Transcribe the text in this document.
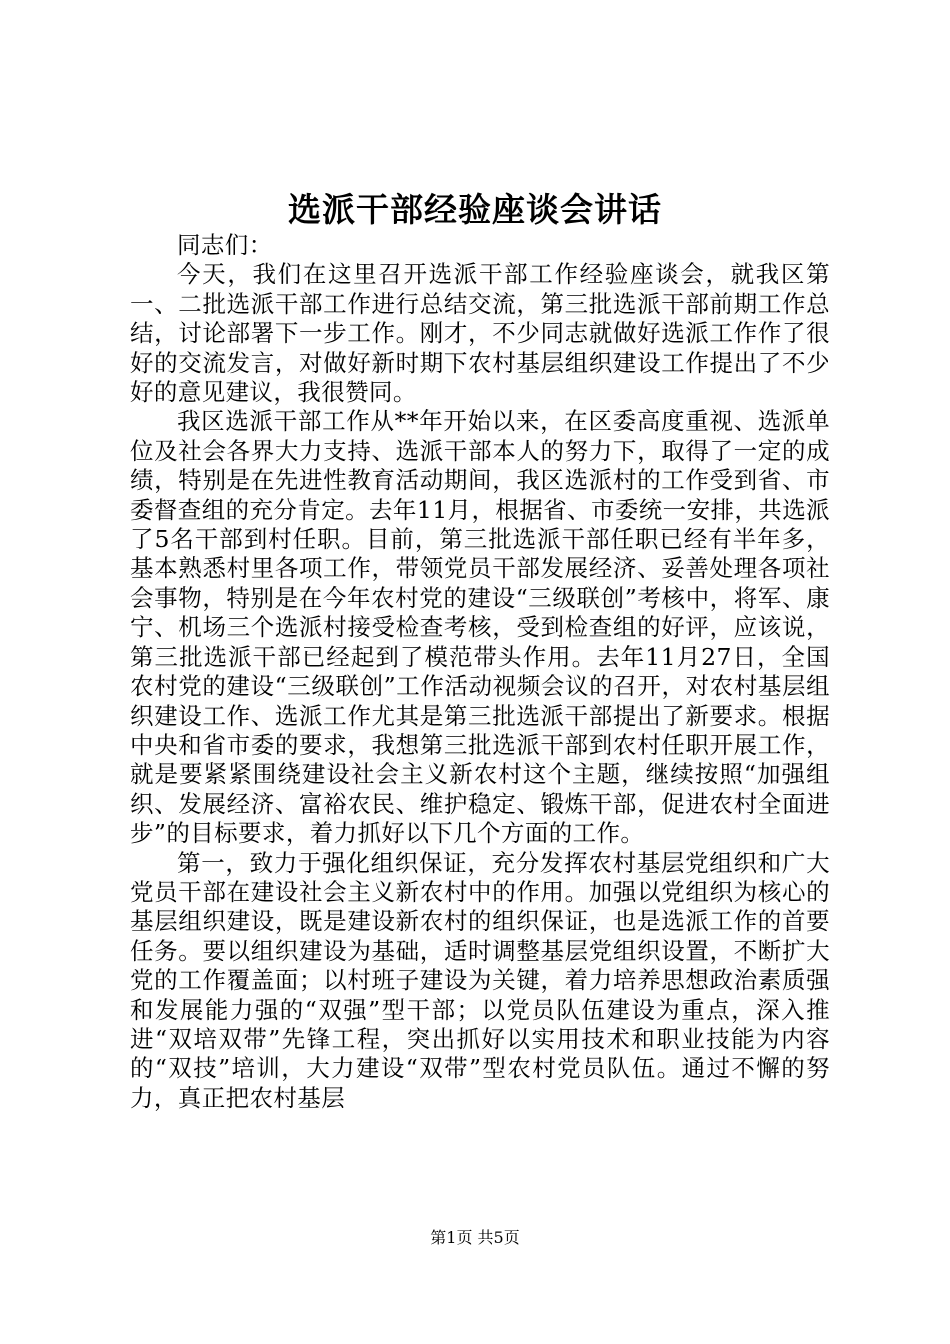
选派干部经验座谈会讲话

同志们：

今天，我们在这里召开选派干部工作经验座谈会，就我区第一、二批选派干部工作进行总结交流，第三批选派干部前期工作总结，讨论部署下一步工作。刚才，不少同志就做好选派工作作了很好的交流发言，对做好新时期下农村基层组织建设工作提出了不少好的意见建议，我很赞同。

我区选派干部工作从**年开始以来，在区委高度重视、选派单位及社会各界大力支持、选派干部本人的努力下，取得了一定的成绩，特别是在先进性教育活动期间，我区选派村的工作受到省、市委督查组的充分肯定。去年11月，根据省、市委统一安排，共选派了5名干部到村任职。目前，第三批选派干部任职已经有半年多，基本熟悉村里各项工作，带领党员干部发展经济、妥善处理各项社会事物，特别是在今年农村党的建设“三级联创”考核中，将军、康宁、机场三个选派村接受检查考核，受到检查组的好评，应该说，第三批选派干部已经起到了模范带头作用。去年11月27日，全国农村党的建设“三级联创”工作活动视频会议的召开，对农村基层组织建设工作、选派工作尤其是第三批选派干部提出了新要求。根据中央和省市委的要求，我想第三批选派干部到农村任职开展工作，就是要紧紧围绕建设社会主义新农村这个主题，继续按照“加强组织、发展经济、富裕农民、维护稳定、锻炼干部，促进农村全面进步”的目标要求，着力抓好以下几个方面的工作。

第一，致力于强化组织保证，充分发挥农村基层党组织和广大党员干部在建设社会主义新农村中的作用。加强以党组织为核心的基层组织建设，既是建设新农村的组织保证，也是选派工作的首要任务。要以组织建设为基础，适时调整基层党组织设置，不断扩大党的工作覆盖面；以村班子建设为关键，着力培养思想政治素质强和发展能力强的“双强”型干部；以党员队伍建设为重点，深入推进“双培双带”先锋工程，突出抓好以实用技术和职业技能为内容的“双技”培训，大力建设“双带”型农村党员队伍。通过不懈的努力，真正把农村基层

第1页 共5页
